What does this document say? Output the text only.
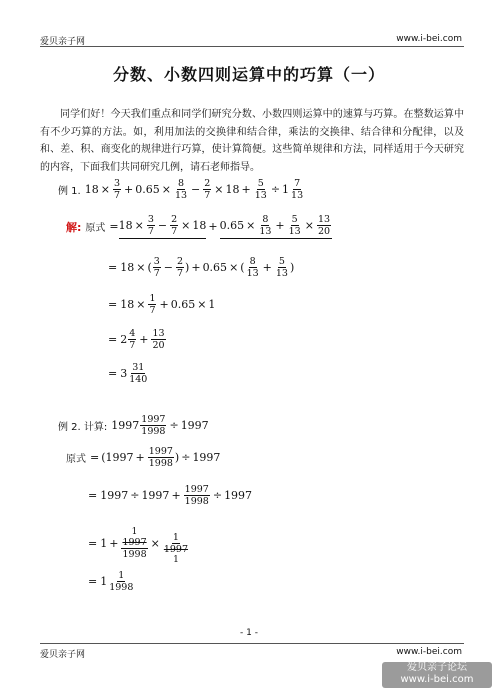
爱贝亲子网	www.i-bei.com
分数、小数四则运算中的巧算（一）
同学们好！今天我们重点和同学们研究分数、小数四则运算中的速算与巧算。在整数运算中有不少巧算的方法。如，利用加法的交换律和结合律，乘法的交换律、结合律和分配律，以及和、差、积、商变化的规律进行巧算，使计算简便。这些简单规律和方法，同样适用于今天研究的内容，下面我们共同研究几例，请石老师指导。
例 1. $18 \times \frac{3}{7} + 0.65 \times \frac{8}{13} - \frac{2}{7} \times 18 + \frac{5}{13} \div 1$ 7
13
解: 原式 = $18 \times \frac{3}{7} - \frac{2}{7} \times 18 + 0.65 \times \frac{8}{13} + \frac{5}{13} \times \frac{13}{20}$
= 18 × ( 3
$7 - \frac{2}{7}$ ) + 0.65 × ( 8
$13 + \frac{5}{13}$ )
= $18 \times \frac{1}{7} + 0.65 \times 1$
= 2 4
$7 + \frac{13}{20}$
= 3 31
140
例 2. 计算: $1997 \frac{1997}{1998} \div 1997$
原式 = ( $1997 + \frac{1997}{1998}$ ) ÷ 1997
= $1997 \div 1997 + \frac{1997}{1998} \div 1997$
= 1 +
1
1997
1998
×
1
1997
1
= 1 1
1998
- 1 -
爱贝亲子网	www.i-bei.com
爱贝亲子论坛
www.i-bei.com
